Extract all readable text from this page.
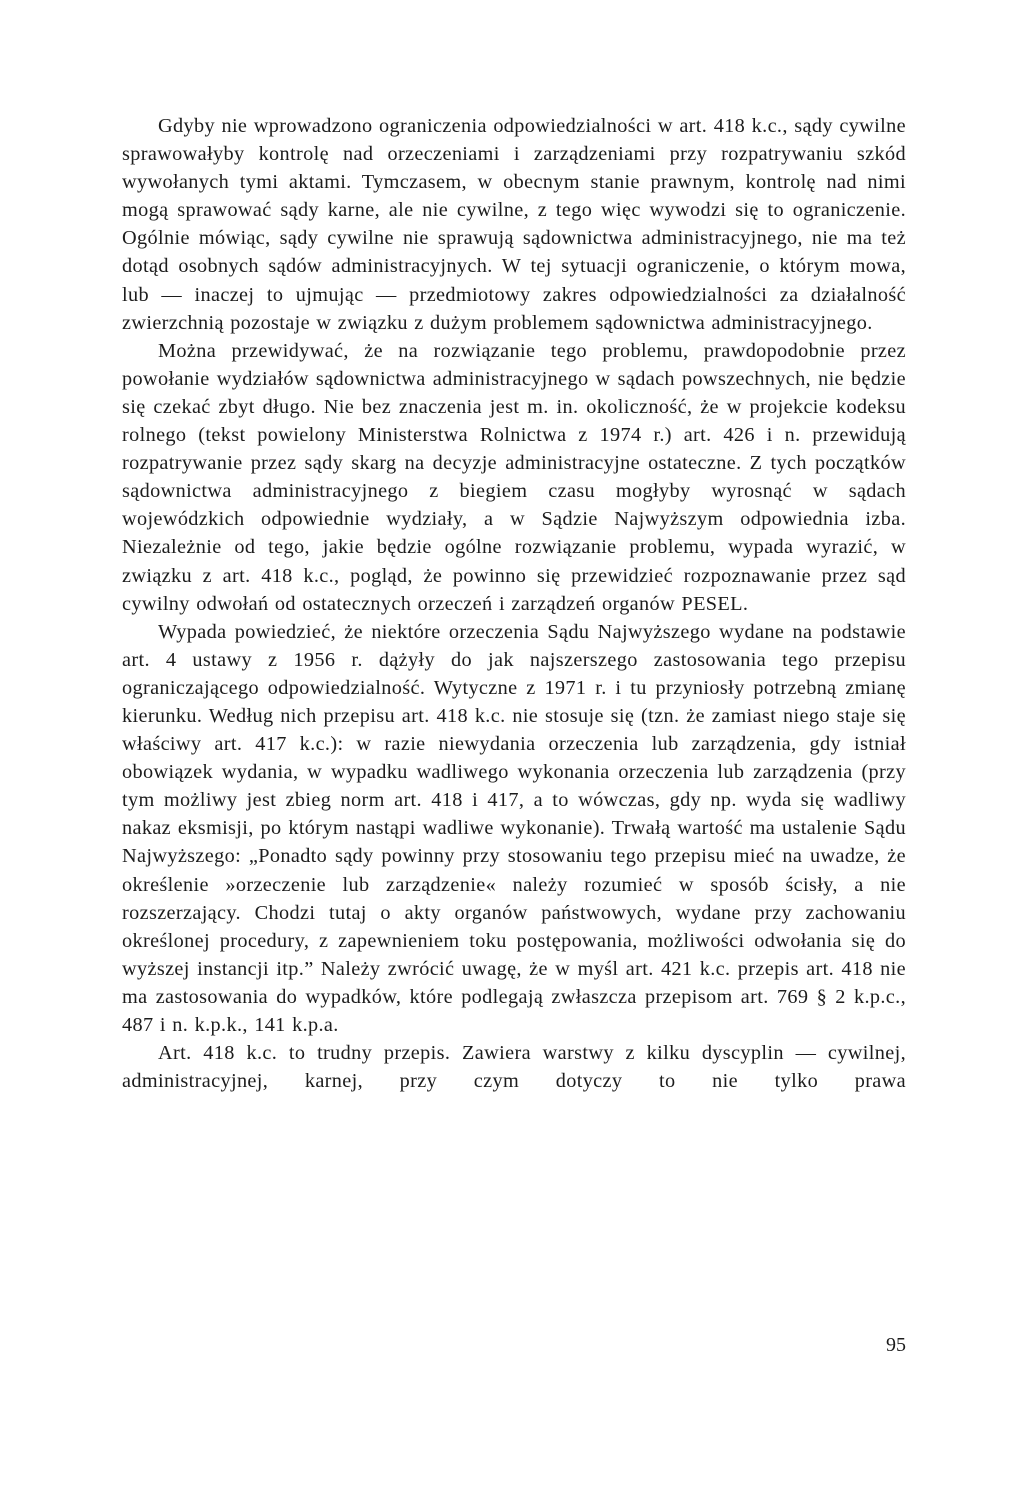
Gdyby nie wprowadzono ograniczenia odpowiedzialności w art. 418 k.c., sądy cywilne sprawowałyby kontrolę nad orzeczeniami i zarządzeniami przy rozpatrywaniu szkód wywołanych tymi aktami. Tymczasem, w obecnym stanie prawnym, kontrolę nad nimi mogą sprawować sądy karne, ale nie cywilne, z tego więc wywodzi się to ograniczenie. Ogólnie mówiąc, sądy cywilne nie sprawują sądownictwa administracyjnego, nie ma też dotąd osobnych sądów administracyjnych. W tej sytuacji ograniczenie, o którym mowa, lub — inaczej to ujmując — przedmiotowy zakres odpowiedzialności za działalność zwierzchnią pozostaje w związku z dużym problemem sądownictwa administracyjnego.

Można przewidywać, że na rozwiązanie tego problemu, prawdopodobnie przez powołanie wydziałów sądownictwa administracyjnego w sądach powszechnych, nie będzie się czekać zbyt długo. Nie bez znaczenia jest m. in. okoliczność, że w projekcie kodeksu rolnego (tekst powielony Ministerstwa Rolnictwa z 1974 r.) art. 426 i n. przewidują rozpatrywanie przez sądy skarg na decyzje administracyjne ostateczne. Z tych początków sądownictwa administracyjnego z biegiem czasu mogłyby wyrosnąć w sądach wojewódzkich odpowiednie wydziały, a w Sądzie Najwyższym odpowiednia izba. Niezależnie od tego, jakie będzie ogólne rozwiązanie problemu, wypada wyrazić, w związku z art. 418 k.c., pogląd, że powinno się przewidzieć rozpoznawanie przez sąd cywilny odwołań od ostatecznych orzeczeń i zarządzeń organów PESEL.

Wypada powiedzieć, że niektóre orzeczenia Sądu Najwyższego wydane na podstawie art. 4 ustawy z 1956 r. dążyły do jak najszerszego zastosowania tego przepisu ograniczającego odpowiedzialność. Wytyczne z 1971 r. i tu przyniosły potrzebną zmianę kierunku. Według nich przepisu art. 418 k.c. nie stosuje się (tzn. że zamiast niego staje się właściwy art. 417 k.c.): w razie niewydania orzeczenia lub zarządzenia, gdy istniał obowiązek wydania, w wypadku wadliwego wykonania orzeczenia lub zarządzenia (przy tym możliwy jest zbieg norm art. 418 i 417, a to wówczas, gdy np. wyda się wadliwy nakaz eksmisji, po którym nastąpi wadliwe wykonanie). Trwałą wartość ma ustalenie Sądu Najwyższego: „Ponadto sądy powinny przy stosowaniu tego przepisu mieć na uwadze, że określenie »orzeczenie lub zarządzenie« należy rozumieć w sposób ścisły, a nie rozszerzający. Chodzi tutaj o akty organów państwowych, wydane przy zachowaniu określonej procedury, z zapewnieniem toku postępowania, możliwości odwołania się do wyższej instancji itp.” Należy zwrócić uwagę, że w myśl art. 421 k.c. przepis art. 418 nie ma zastosowania do wypadków, które podlegają zwłaszcza przepisom art. 769 § 2 k.p.c., 487 i n. k.p.k., 141 k.p.a.

Art. 418 k.c. to trudny przepis. Zawiera warstwy z kilku dyscyplin — cywilnej, administracyjnej, karnej, przy czym dotyczy to nie tylko prawa

95
